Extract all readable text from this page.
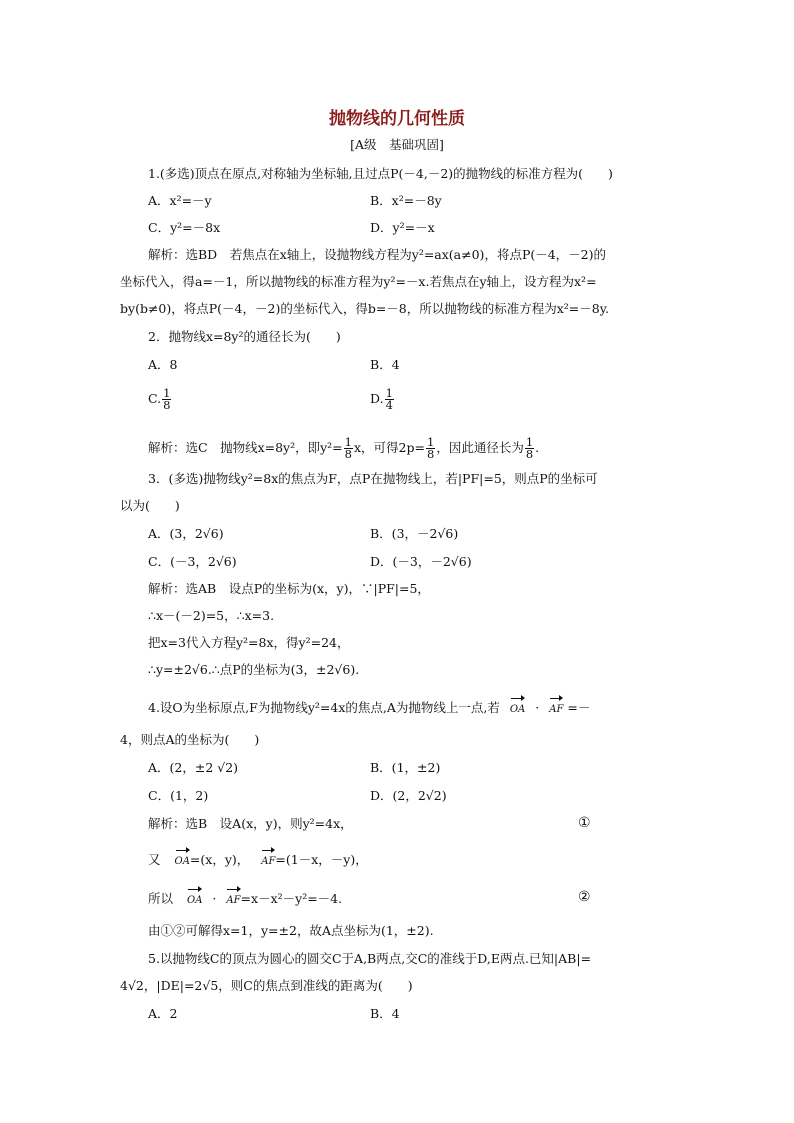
抛物线的几何性质
[A级　基础巩固]
1.(多选)顶点在原点,对称轴为坐标轴,且过点P(－4,－2)的抛物线的标准方程为(　　)
A．x²=－y	B．x²=－8y
C．y²=－8x	D．y²=－x
解析：选BD　若焦点在x轴上，设抛物线方程为y²=ax(a≠0)，将点P(－4，－2)的
坐标代入，得a=－1，所以抛物线的标准方程为y²=－x.若焦点在y轴上，设方程为x²=
by(b≠0)，将点P(－4，－2)的坐标代入，得b=－8，所以抛物线的标准方程为x²=－8y.
2．抛物线x=8y²的通径长为(　　)
A．8	B．4
C. $\frac{1}{8}$	D. $\frac{1}{4}$
解析：选C　抛物线x=8y²，即$y^2= \frac{1}{8}$ x，可得$2p= \frac{1}{8}$ ，因此通径长为 $\frac{1}{8}$ .
3．(多选)抛物线y²=8x的焦点为F，点P在抛物线上，若|PF|=5，则点P的坐标可
以为(　　)
A．(3，2√6)	B．(3，－2√6)
C．(－3，2√6)	D．(－3，－2√6)
解析：选AB　设点P的坐标为(x，y)，∵|PF|=5，
∴x－(－2)=5，∴x=3.
把x=3代入方程y²=8x，得y²=24，
∴y=±2√6.∴点P的坐标为(3，±2√6).
4.设O为坐标原点,F为抛物线y²=4x的焦点,A为抛物线上一点,若 OA · AF =－
4，则点A的坐标为(　　)
A．(2，±2 √2)	B．(1，±2)
C．(1，2)	D．(2，2√2)
解析：选B　设A(x，y)，则y²=4x，	①
又 OA=(x，y)， AF=(1－x，－y)，
所以 OA · AF=x－x²－y²=－4.	②
由①②可解得x=1，y=±2，故A点坐标为(1，±2).
5.以抛物线C的顶点为圆心的圆交C于A,B两点,交C的准线于D,E两点.已知|AB|=
4√2，|DE|=2√5，则C的焦点到准线的距离为(　　)
A．2	B．4
